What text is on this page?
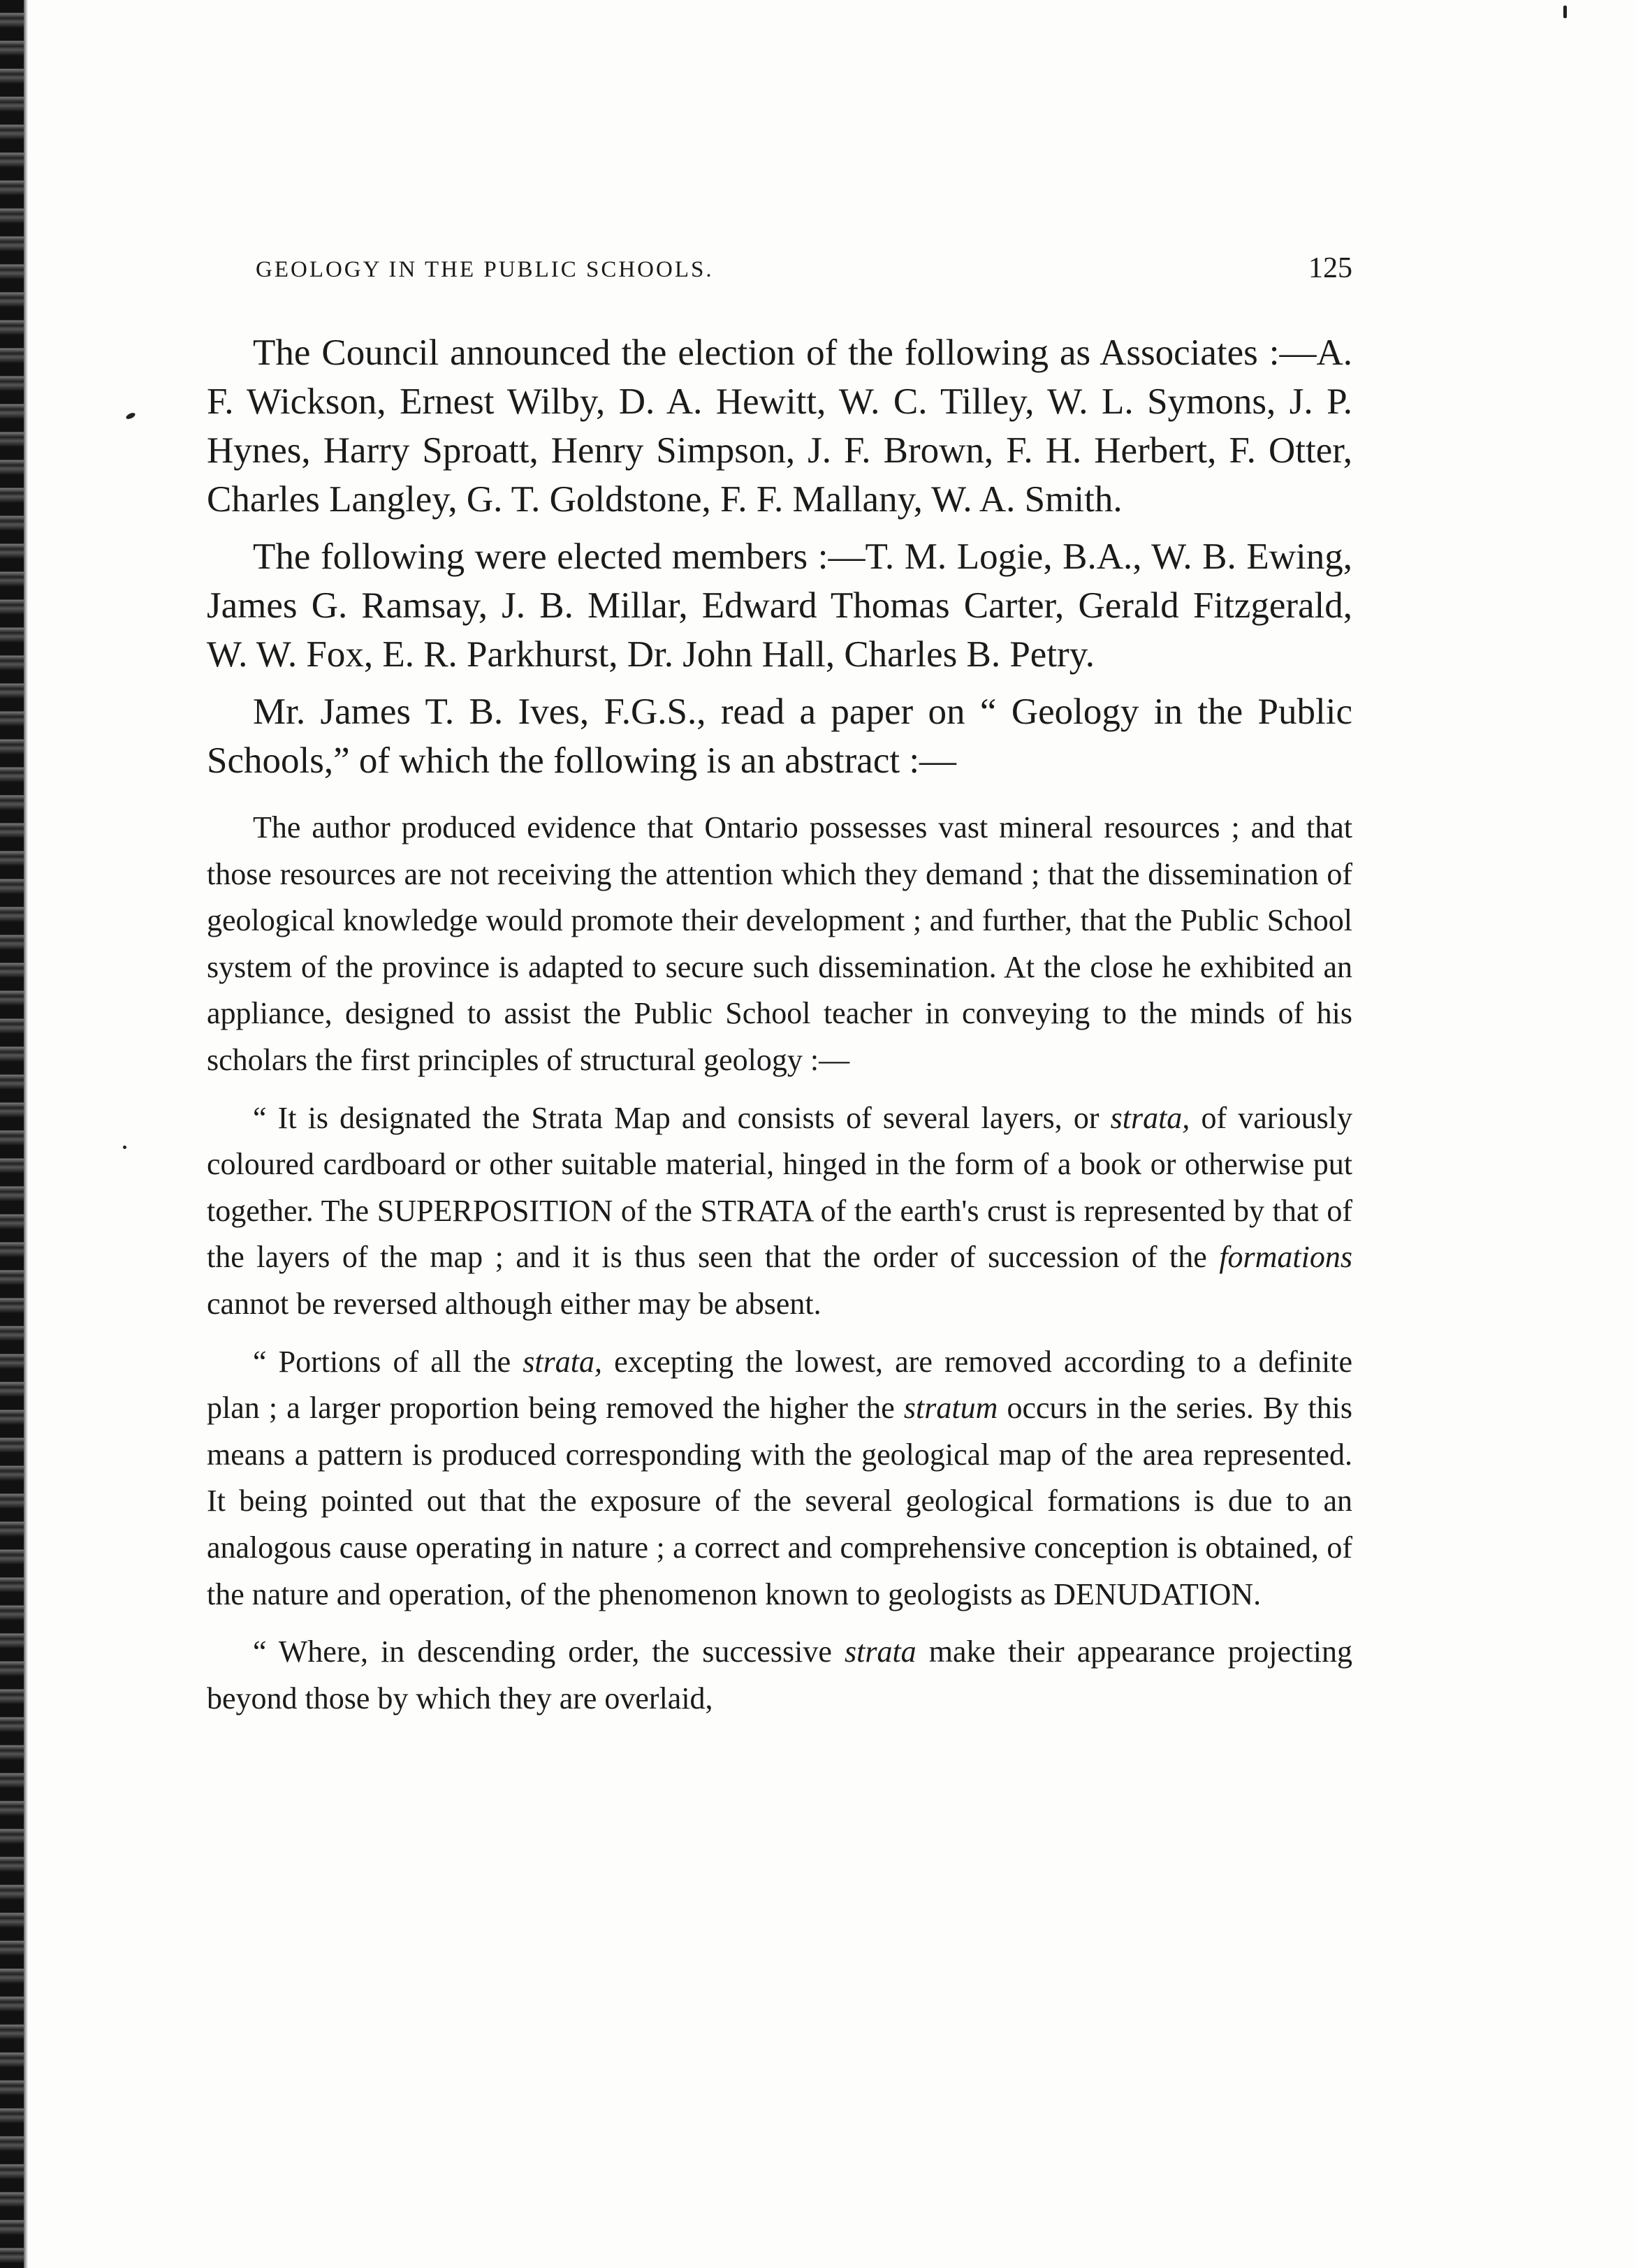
GEOLOGY IN THE PUBLIC SCHOOLS.	125

The Council announced the election of the following as Associates :—A. F. Wickson, Ernest Wilby, D. A. Hewitt, W. C. Tilley, W. L. Symons, J. P. Hynes, Harry Sproatt, Henry Simpson, J. F. Brown, F. H. Herbert, F. Otter, Charles Langley, G. T. Goldstone, F. F. Mallany, W. A. Smith.

The following were elected members :—T. M. Logie, B.A., W. B. Ewing, James G. Ramsay, J. B. Millar, Edward Thomas Carter, Gerald Fitzgerald, W. W. Fox, E. R. Parkhurst, Dr. John Hall, Charles B. Petry.

Mr. James T. B. Ives, F.G.S., read a paper on “ Geology in the Public Schools,” of which the following is an abstract :—

The author produced evidence that Ontario possesses vast mineral resources ; and that those resources are not receiving the attention which they demand ; that the dissemination of geological knowledge would promote their development ; and further, that the Public School system of the province is adapted to secure such dissemination. At the close he exhibited an appliance, designed to assist the Public School teacher in conveying to the minds of his scholars the first principles of structural geology :—

“ It is designated the Strata Map and consists of several layers, or strata, of variously coloured cardboard or other suitable material, hinged in the form of a book or otherwise put together. The SUPERPOSITION of the STRATA of the earth's crust is represented by that of the layers of the map ; and it is thus seen that the order of succession of the formations cannot be reversed although either may be absent.

“ Portions of all the strata, excepting the lowest, are removed according to a definite plan ; a larger proportion being removed the higher the stratum occurs in the series. By this means a pattern is produced corresponding with the geological map of the area represented. It being pointed out that the exposure of the several geological formations is due to an analogous cause operating in nature ; a correct and comprehensive conception is obtained, of the nature and operation, of the phenomenon known to geologists as DENUDATION.

“ Where, in descending order, the successive strata make their appearance projecting beyond those by which they are overlaid,
